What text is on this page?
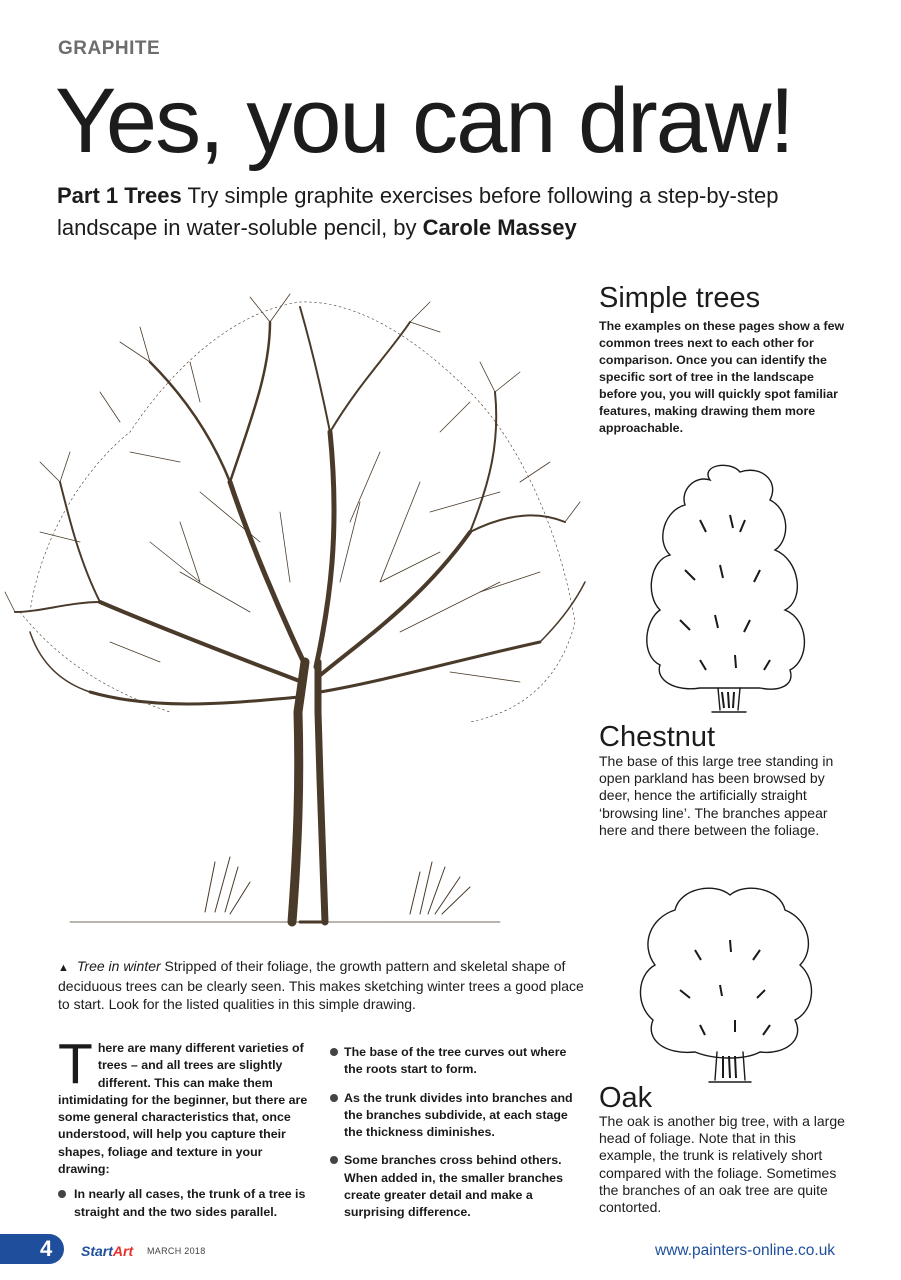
GRAPHITE
Yes, you can draw!
Part 1 Trees Try simple graphite exercises before following a step-by-step landscape in water-soluble pencil, by Carole Massey
▲ Tree in winter Stripped of their foliage, the growth pattern and skeletal shape of deciduous trees can be clearly seen. This makes sketching winter trees a good place to start. Look for the listed qualities in this simple drawing.
Simple trees
The examples on these pages show a few common trees next to each other for comparison. Once you can identify the specific sort of tree in the landscape before you, you will quickly spot familiar features, making drawing them more approachable.
Chestnut
The base of this large tree standing in open parkland has been browsed by deer, hence the artificially straight ‘browsing line’. The branches appear here and there between the foliage.
Oak
The oak is another big tree, with a large head of foliage. Note that in this example, the trunk is relatively short compared with the foliage. Sometimes the branches of an oak tree are quite contorted.
There are many different varieties of trees – and all trees are slightly different. This can make them intimidating for the beginner, but there are some general characteristics that, once understood, will help you capture their shapes, foliage and texture in your drawing:
In nearly all cases, the trunk of a tree is straight and the two sides parallel.
The base of the tree curves out where the roots start to form.
As the trunk divides into branches and the branches subdivide, at each stage the thickness diminishes.
Some branches cross behind others. When added in, the smaller branches create greater detail and make a surprising difference.
4 StartArt MARCH 2018	www.painters-online.co.uk
